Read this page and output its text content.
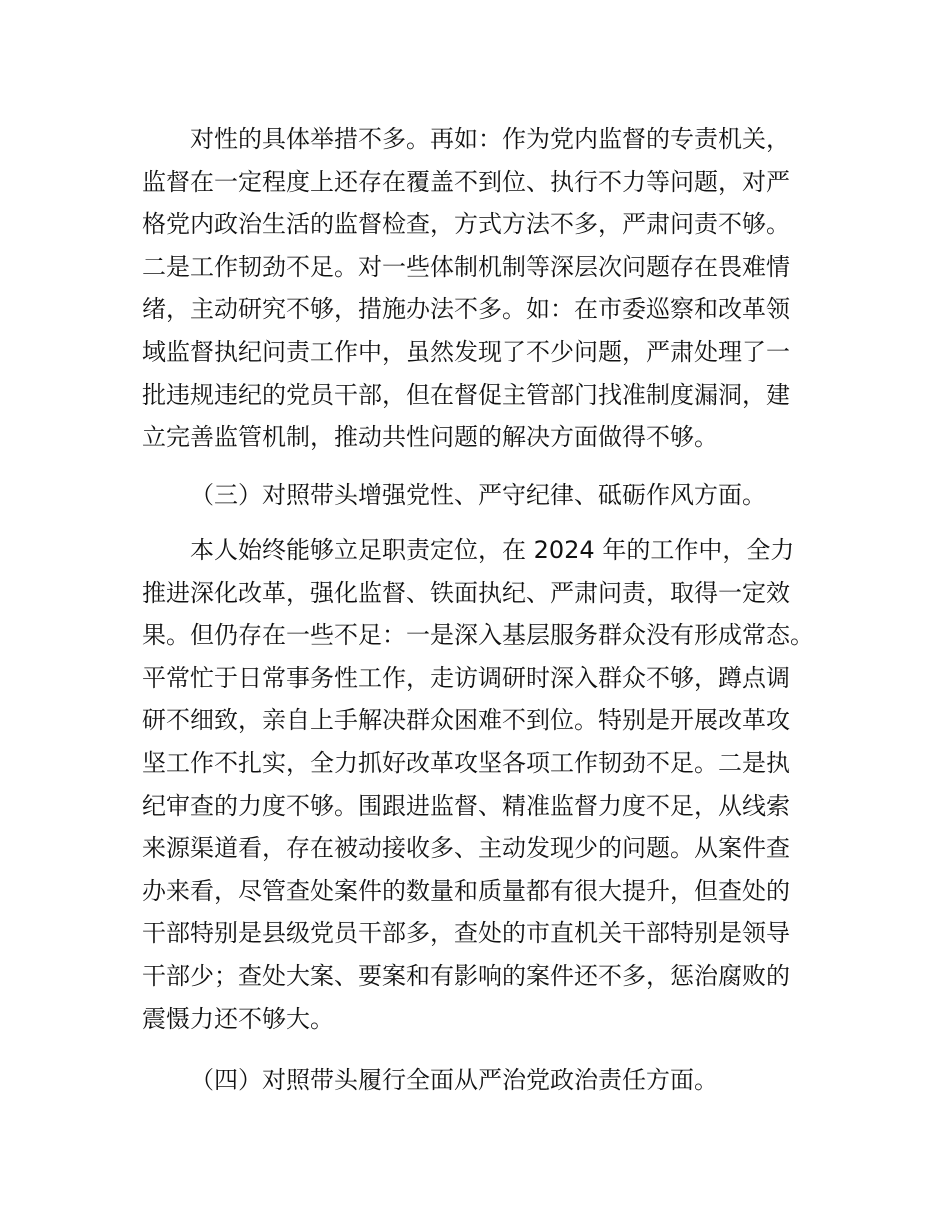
对性的具体举措不多。再如：作为党内监督的专责机关，
监督在一定程度上还存在覆盖不到位、执行不力等问题，对严
格党内政治生活的监督检查，方式方法不多，严肃问责不够。
二是工作韧劲不足。对一些体制机制等深层次问题存在畏难情
绪，主动研究不够，措施办法不多。如：在市委巡察和改革领
域监督执纪问责工作中，虽然发现了不少问题，严肃处理了一
批违规违纪的党员干部，但在督促主管部门找准制度漏洞，建
立完善监管机制，推动共性问题的解决方面做得不够。
（三）对照带头增强党性、严守纪律、砥砺作风方面。
本人始终能够立足职责定位，在 2024 年的工作中，全力
推进深化改革，强化监督、铁面执纪、严肃问责，取得一定效
果。但仍存在一些不足：一是深入基层服务群众没有形成常态。
平常忙于日常事务性工作，走访调研时深入群众不够，蹲点调
研不细致，亲自上手解决群众困难不到位。特别是开展改革攻
坚工作不扎实，全力抓好改革攻坚各项工作韧劲不足。二是执
纪审查的力度不够。围跟进监督、精准监督力度不足，从线索
来源渠道看，存在被动接收多、主动发现少的问题。从案件查
办来看，尽管查处案件的数量和质量都有很大提升，但查处的
干部特别是县级党员干部多，查处的市直机关干部特别是领导
干部少；查处大案、要案和有影响的案件还不多，惩治腐败的
震慑力还不够大。
（四）对照带头履行全面从严治党政治责任方面。
